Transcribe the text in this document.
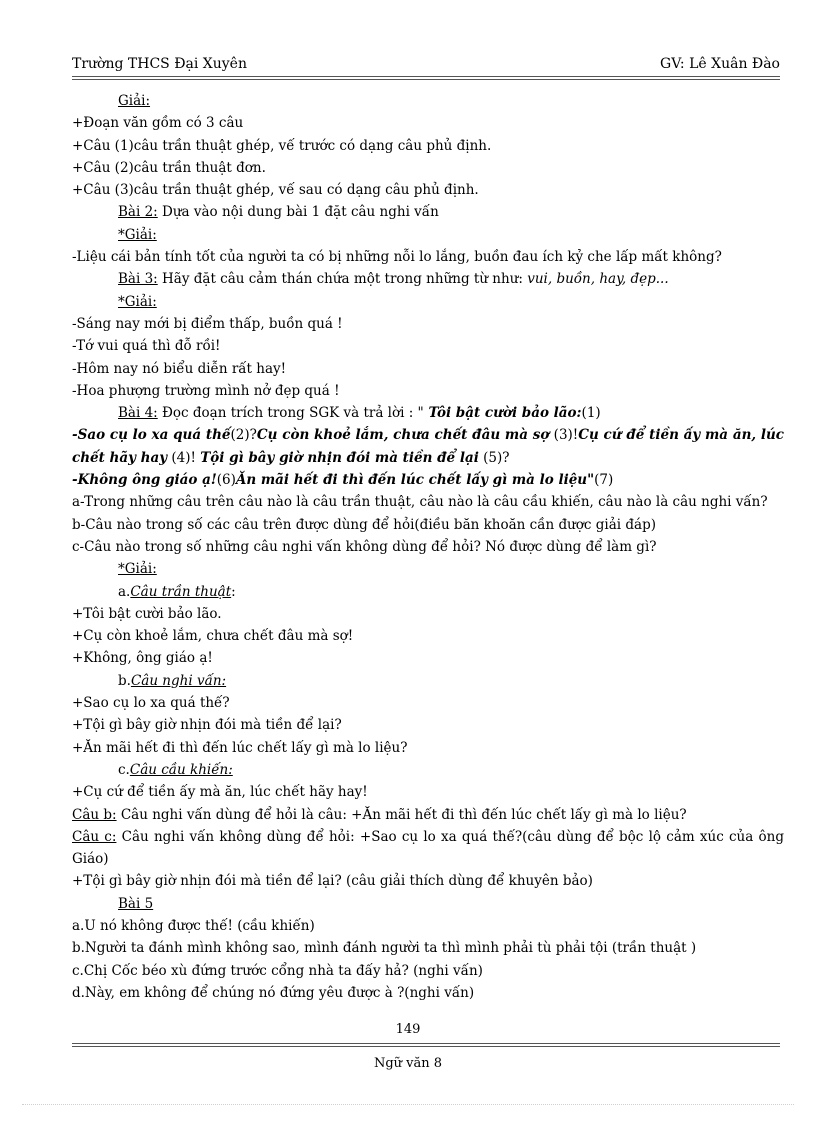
Trường THCS Đại Xuyên	GV: Lê Xuân Đào
Giải:
+Đoạn văn gồm có 3 câu
+Câu (1)câu trần thuật ghép, vế trước có dạng câu phủ định.
+Câu (2)câu trần thuật đơn.
+Câu (3)câu trần thuật ghép, vế sau có dạng câu phủ định.
Bài 2: Dựa vào nội dung bài 1 đặt câu nghi vấn
*Giải:
-Liệu cái bản tính tốt của người ta có bị những nỗi lo lắng, buồn đau ích kỷ che lấp mất không?
Bài 3: Hãy đặt câu cảm thán chứa một trong những từ như: vui, buồn, hay, đẹp...
*Giải:
-Sáng nay mới bị điểm thấp, buồn quá !
-Tớ vui quá thì đỗ rồi!
-Hôm nay nó biểu diễn rất hay!
-Hoa phượng trường mình nở đẹp quá !
Bài 4: Đọc đoạn trích trong SGK và trả lời : " Tôi bật cười bảo lão:(1)
-Sao cụ lo xa quá thế(2)?Cụ còn khoẻ lắm, chưa chết đâu mà sợ (3)!Cụ cứ để tiền ấy mà ăn, lúc chết hãy hay (4)! Tội gì bây giờ nhịn đói mà tiền để lại (5)?
-Không ông giáo ạ!(6)Ăn mãi hết đi thì đến lúc chết lấy gì mà lo liệu"(7)
a-Trong những câu trên câu nào là câu trần thuật, câu nào là câu cầu khiến, câu nào là câu nghi vấn?
b-Câu nào trong số các câu trên được dùng để hỏi(điều băn khoăn cần được giải đáp)
c-Câu nào trong số những câu nghi vấn không dùng để hỏi? Nó được dùng để làm gì?
*Giải:
a.Câu trần thuật:
+Tôi bật cười bảo lão.
+Cụ còn khoẻ lắm, chưa chết đâu mà sợ!
+Không, ông giáo ạ!
b.Câu nghi vấn:
+Sao cụ lo xa quá thế?
+Tội gì bây giờ nhịn đói mà tiền để lại?
+Ăn mãi hết đi thì đến lúc chết lấy gì mà lo liệu?
c.Câu cầu khiến:
+Cụ cứ để tiền ấy mà ăn, lúc chết hãy hay!
Câu b: Câu nghi vấn dùng để hỏi là câu: +Ăn mãi hết đi thì đến lúc chết lấy gì mà lo liệu?
Câu c: Câu nghi vấn không dùng để hỏi: +Sao cụ lo xa quá thế?(câu dùng để bộc lộ cảm xúc của ông Giáo)
+Tội gì bây giờ nhịn đói mà tiền để lại? (câu giải thích dùng để khuyên bảo)
Bài 5
a.U nó không được thế! (cầu khiến)
b.Người ta đánh mình không sao, mình đánh người ta thì mình phải tù phải tội (trần thuật )
c.Chị Cốc béo xù đứng trước cổng nhà ta đấy hả? (nghi vấn)
d.Này, em không để chúng nó đứng yêu được à ?(nghi vấn)
149
Ngữ văn 8
